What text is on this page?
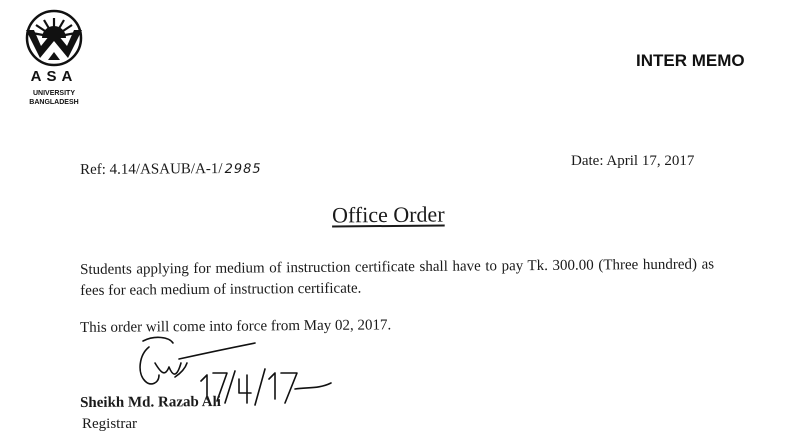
ASA
UNIVERSITY
BANGLADESH
INTER MEMO
Ref: 4.14/ASAUB/A-1/ 2985
Date: April 17, 2017
Office Order
Students applying for medium of instruction certificate shall have to pay Tk. 300.00 (Three hundred) as fees for each medium of instruction certificate.
This order will come into force from May 02, 2017.
Sheikh Md. Razab Ali
Registrar
